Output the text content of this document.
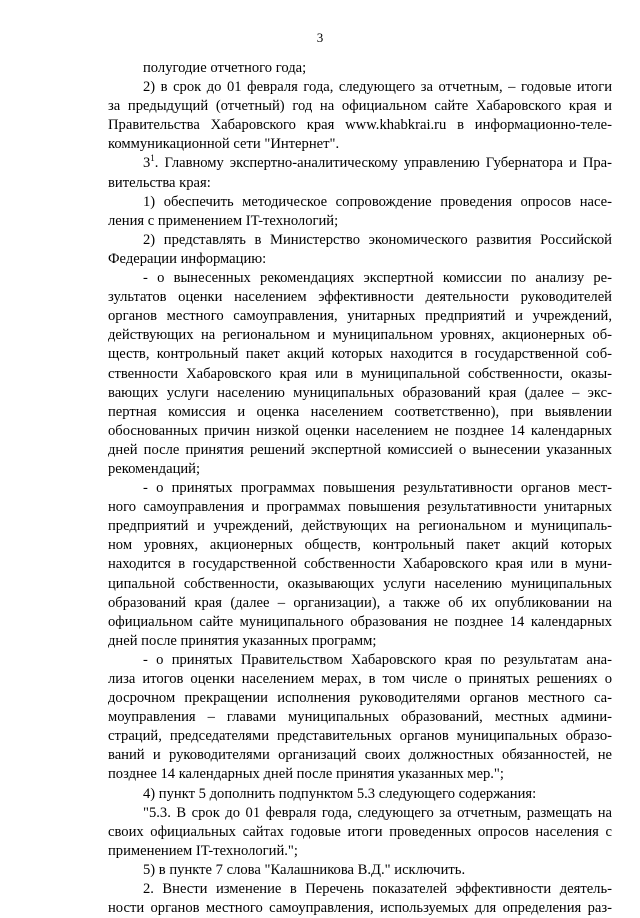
3
полугодие отчетного года;
2) в срок до 01 февраля года, следующего за отчетным, – годовые итоги
за предыдущий (отчетный) год на официальном сайте Хабаровского края и
Правительства Хабаровского края www.khabkrai.ru в информационно-теле-
коммуникационной сети "Интернет".
$3^1$. Главному экспертно-аналитическому управлению Губернатора и Пра-
вительства края:
1) обеспечить методическое сопровождение проведения опросов насе-
ления с применением IT-технологий;
2) представлять в Министерство экономического развития Российской
Федерации информацию:
- о вынесенных рекомендациях экспертной комиссии по анализу ре-
зультатов оценки населением эффективности деятельности руководителей
органов местного самоуправления, унитарных предприятий и учреждений,
действующих на региональном и муниципальном уровнях, акционерных об-
ществ, контрольный пакет акций которых находится в государственной соб-
ственности Хабаровского края или в муниципальной собственности, оказы-
вающих услуги населению муниципальных образований края (далее – экс-
пертная комиссия и оценка населением соответственно), при выявлении
обоснованных причин низкой оценки населением не позднее 14 календарных
дней после принятия решений экспертной комиссией о вынесении указанных
рекомендаций;
- о принятых программах повышения результативности органов мест-
ного самоуправления и программах повышения результативности унитарных
предприятий и учреждений, действующих на региональном и муниципаль-
ном уровнях, акционерных обществ, контрольный пакет акций которых
находится в государственной собственности Хабаровского края или в муни-
ципальной собственности, оказывающих услуги населению муниципальных
образований края (далее – организации), а также об их опубликовании на
официальном сайте муниципального образования не позднее 14 календарных
дней после принятия указанных программ;
- о принятых Правительством Хабаровского края по результатам ана-
лиза итогов оценки населением мерах, в том числе о принятых решениях о
досрочном прекращении исполнения руководителями органов местного са-
моуправления – главами муниципальных образований, местных админи-
страций, председателями представительных органов муниципальных образо-
ваний и руководителями организаций своих должностных обязанностей, не
позднее 14 календарных дней после принятия указанных мер.";
4) пункт 5 дополнить подпунктом 5.3 следующего содержания:
"5.3. В срок до 01 февраля года, следующего за отчетным, размещать на
своих официальных сайтах годовые итоги проведенных опросов населения с
применением IT-технологий.";
5) в пункте 7 слова "Калашникова В.Д." исключить.
2. Внести изменение в Перечень показателей эффективности деятель-
ности органов местного самоуправления, используемых для определения раз-
